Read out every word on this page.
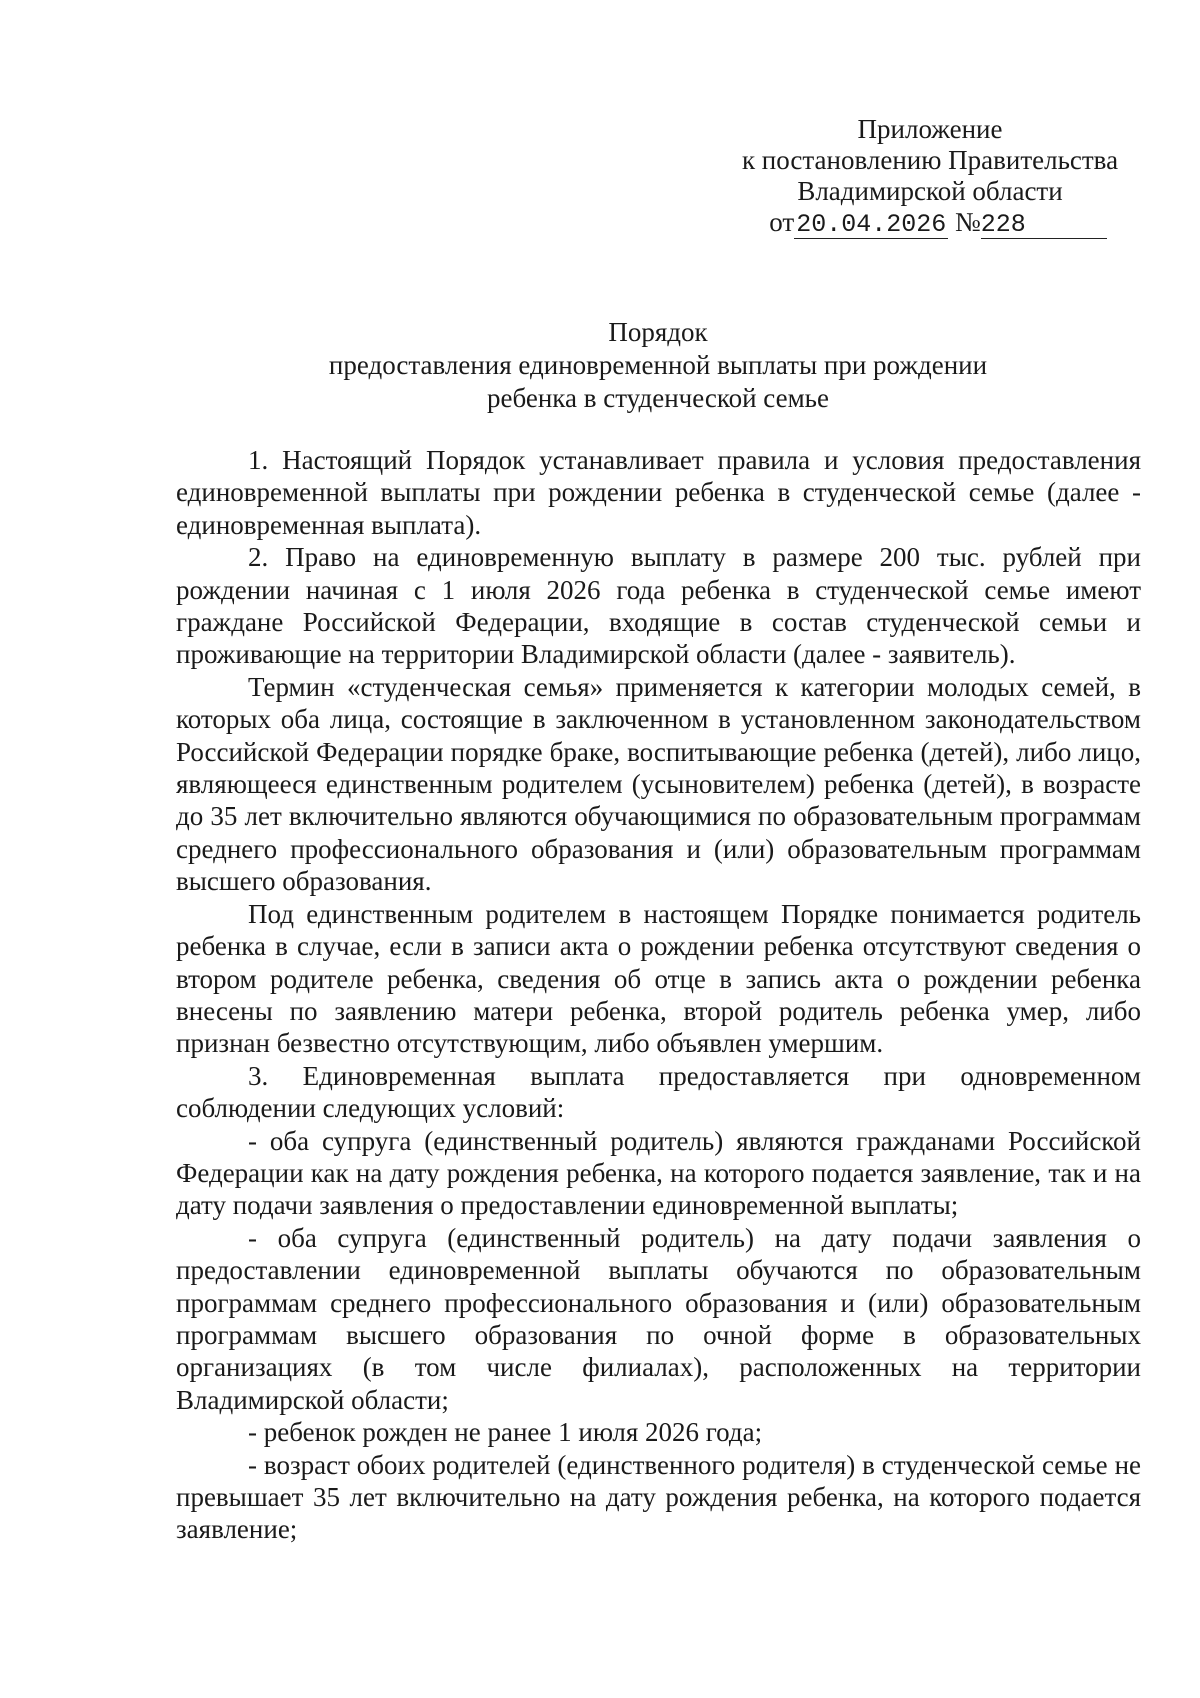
Приложение
к постановлению Правительства
Владимирской области
от20.04.2026 №228
Порядок
предоставления единовременной выплаты при рождении
ребенка в студенческой семье

1. Настоящий Порядок устанавливает правила и условия предоставления единовременной выплаты при рождении ребенка в студенческой семье (далее - единовременная выплата).

2. Право на единовременную выплату в размере 200 тыс. рублей при рождении начиная с 1 июля 2026 года ребенка в студенческой семье имеют граждане Российской Федерации, входящие в состав студенческой семьи и проживающие на территории Владимирской области (далее - заявитель).

Термин «студенческая семья» применяется к категории молодых семей, в которых оба лица, состоящие в заключенном в установленном законодательством Российской Федерации порядке браке, воспитывающие ребенка (детей), либо лицо, являющееся единственным родителем (усыновителем) ребенка (детей), в возрасте до 35 лет включительно являются обучающимися по образовательным программам среднего профессионального образования и (или) образовательным программам высшего образования.

Под единственным родителем в настоящем Порядке понимается родитель ребенка в случае, если в записи акта о рождении ребенка отсутствуют сведения о втором родителе ребенка, сведения об отце в запись акта о рождении ребенка внесены по заявлению матери ребенка, второй родитель ребенка умер, либо признан безвестно отсутствующим, либо объявлен умершим.

3. Единовременная выплата предоставляется при одновременном соблюдении следующих условий:

- оба супруга (единственный родитель) являются гражданами Российской Федерации как на дату рождения ребенка, на которого подается заявление, так и на дату подачи заявления о предоставлении единовременной выплаты;

- оба супруга (единственный родитель) на дату подачи заявления о предоставлении единовременной выплаты обучаются по образовательным программам среднего профессионального образования и (или) образовательным программам высшего образования по очной форме в образовательных организациях (в том числе филиалах), расположенных на территории Владимирской области;

- ребенок рожден не ранее 1 июля 2026 года;

- возраст обоих родителей (единственного родителя) в студенческой семье не превышает 35 лет включительно на дату рождения ребенка, на которого подается заявление;
